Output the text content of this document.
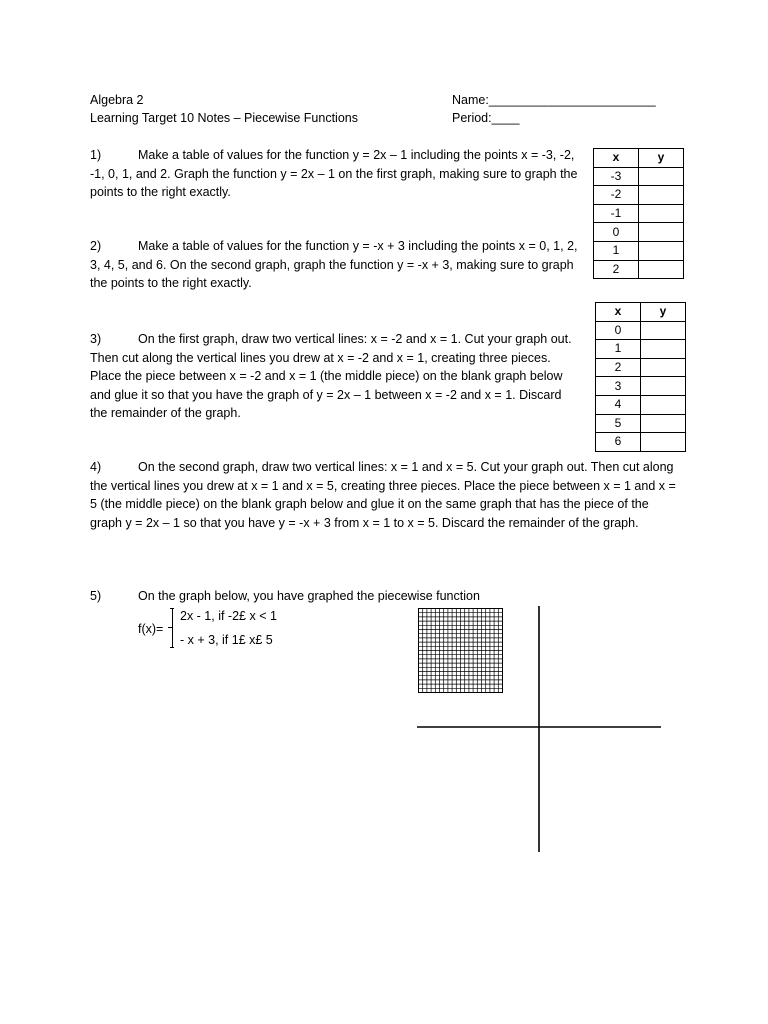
Algebra 2
Learning Target 10 Notes – Piecewise Functions
Name:________________________
Period:____
1)	Make a table of values for the function y = 2x – 1 including the points x = -3, -2, -1, 0, 1, and 2. Graph the function y = 2x – 1 on the first graph, making sure to graph the points to the right exactly.
2)	Make a table of values for the function y = -x + 3 including the points x = 0, 1, 2, 3, 4, 5, and 6. On the second graph, graph the function y = -x + 3, making sure to graph the points to the right exactly.
3)	On the first graph, draw two vertical lines: x = -2 and x = 1. Cut your graph out. Then cut along the vertical lines you drew at x = -2 and x = 1, creating three pieces. Place the piece between x = -2 and x = 1 (the middle piece) on the blank graph below and glue it so that you have the graph of y = 2x – 1 between x = -2 and x = 1. Discard the remainder of the graph.
4)	On the second graph, draw two vertical lines: x = 1 and x = 5. Cut your graph out. Then cut along the vertical lines you drew at x = 1 and x = 5, creating three pieces. Place the piece between x = 1 and x = 5 (the middle piece) on the blank graph below and glue it on the same graph that has the piece of the graph y = 2x – 1 so that you have y = -x + 3 from x = 1 to x = 5. Discard the remainder of the graph.
5)	On the graph below, you have graphed the piecewise function
x	y
-3	
-2	
-1	
0	
1	
2	
x	y
0	
1	
2	
3	
4	
5	
6	
f(x)=
2x - 1, if -2£ x < 1
- x + 3, if 1£ x£ 5
